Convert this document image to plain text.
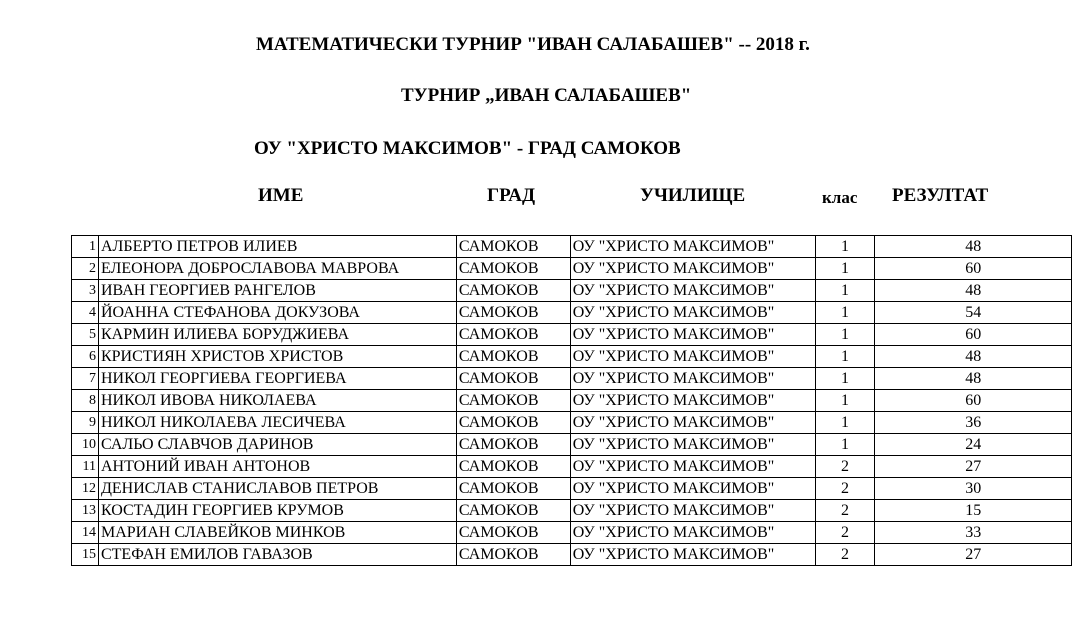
МАТЕМАТИЧЕСКИ ТУРНИР "ИВАН САЛАБАШЕВ" -- 2018 г.
ТУРНИР „ИВАН САЛАБАШЕВ"
ОУ "ХРИСТО МАКСИМОВ" - ГРАД САМОКОВ
ИМЕ	ГРАД	УЧИЛИЩЕ	клас РЕЗУЛТАТ
1	АЛБЕРТО ПЕТРОВ ИЛИЕВ	САМОКОВ	ОУ "ХРИСТО МАКСИМОВ"	1	48
2	ЕЛЕОНОРА ДОБРОСЛАВОВА МАВРОВА	САМОКОВ	ОУ "ХРИСТО МАКСИМОВ"	1	60
3	ИВАН ГЕОРГИЕВ РАНГЕЛОВ	САМОКОВ	ОУ "ХРИСТО МАКСИМОВ"	1	48
4	ЙОАННА СТЕФАНОВА ДОКУЗОВА	САМОКОВ	ОУ "ХРИСТО МАКСИМОВ"	1	54
5	КАРМИН ИЛИЕВА БОРУДЖИЕВА	САМОКОВ	ОУ "ХРИСТО МАКСИМОВ"	1	60
6	КРИСТИЯН ХРИСТОВ ХРИСТОВ	САМОКОВ	ОУ "ХРИСТО МАКСИМОВ"	1	48
7	НИКОЛ ГЕОРГИЕВА ГЕОРГИЕВА	САМОКОВ	ОУ "ХРИСТО МАКСИМОВ"	1	48
8	НИКОЛ ИВОВА НИКОЛАЕВА	САМОКОВ	ОУ "ХРИСТО МАКСИМОВ"	1	60
9	НИКОЛ НИКОЛАЕВА ЛЕСИЧЕВА	САМОКОВ	ОУ "ХРИСТО МАКСИМОВ"	1	36
10	САЛЬО СЛАВЧОВ ДАРИНОВ	САМОКОВ	ОУ "ХРИСТО МАКСИМОВ"	1	24
11	АНТОНИЙ ИВАН АНТОНОВ	САМОКОВ	ОУ "ХРИСТО МАКСИМОВ"	2	27
12	ДЕНИСЛАВ СТАНИСЛАВОВ ПЕТРОВ	САМОКОВ	ОУ "ХРИСТО МАКСИМОВ"	2	30
13	КОСТАДИН ГЕОРГИЕВ КРУМОВ	САМОКОВ	ОУ "ХРИСТО МАКСИМОВ"	2	15
14	МАРИАН СЛАВЕЙКОВ МИНКОВ	САМОКОВ	ОУ "ХРИСТО МАКСИМОВ"	2	33
15	СТЕФАН ЕМИЛОВ ГАВАЗОВ	САМОКОВ	ОУ "ХРИСТО МАКСИМОВ"	2	27
